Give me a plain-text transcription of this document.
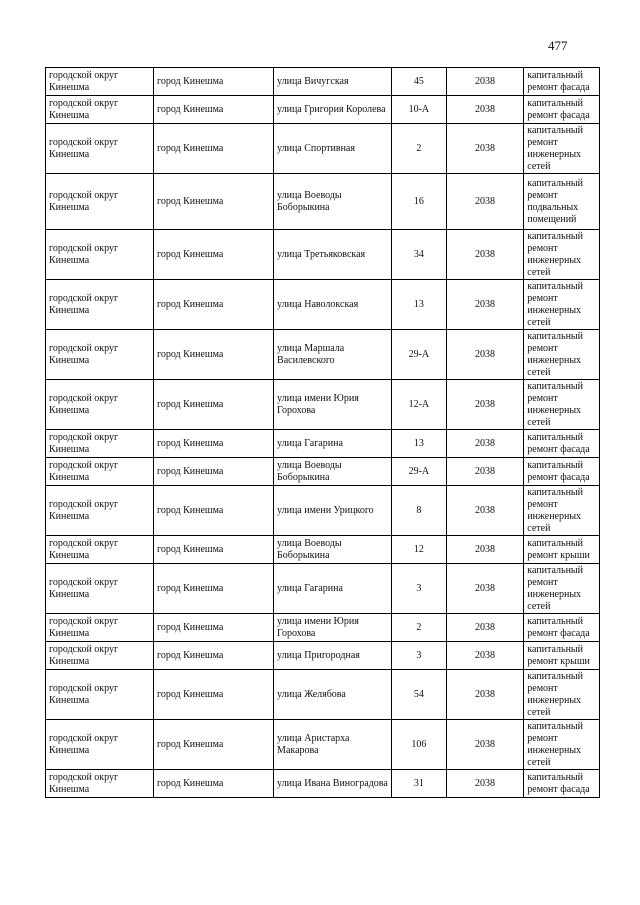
477
городской округ Кинешма	город Кинешма	улица Вичугская	45	2038	капитальный ремонт фасада
городской округ Кинешма	город Кинешма	улица Григория Королева	10-А	2038	капитальный ремонт фасада
городской округ Кинешма	город Кинешма	улица Спортивная	2	2038	капитальный ремонт инженерных сетей
городской округ Кинешма	город Кинешма	улица Воеводы Боборыкина	16	2038	капитальный ремонт подвальных помещений
городской округ Кинешма	город Кинешма	улица Третьяковская	34	2038	капитальный ремонт инженерных сетей
городской округ Кинешма	город Кинешма	улица Наволокская	13	2038	капитальный ремонт инженерных сетей
городской округ Кинешма	город Кинешма	улица Маршала Василевского	29-А	2038	капитальный ремонт инженерных сетей
городской округ Кинешма	город Кинешма	улица имени Юрия Горохова	12-А	2038	капитальный ремонт инженерных сетей
городской округ Кинешма	город Кинешма	улица Гагарина	13	2038	капитальный ремонт фасада
городской округ Кинешма	город Кинешма	улица Воеводы Боборыкина	29-А	2038	капитальный ремонт фасада
городской округ Кинешма	город Кинешма	улица имени Урицкого	8	2038	капитальный ремонт инженерных сетей
городской округ Кинешма	город Кинешма	улица Воеводы Боборыкина	12	2038	капитальный ремонт крыши
городской округ Кинешма	город Кинешма	улица Гагарина	3	2038	капитальный ремонт инженерных сетей
городской округ Кинешма	город Кинешма	улица имени Юрия Горохова	2	2038	капитальный ремонт фасада
городской округ Кинешма	город Кинешма	улица Пригородная	3	2038	капитальный ремонт крыши
городской округ Кинешма	город Кинешма	улица Желябова	54	2038	капитальный ремонт инженерных сетей
городской округ Кинешма	город Кинешма	улица Аристарха Макарова	106	2038	капитальный ремонт инженерных сетей
городской округ Кинешма	город Кинешма	улица Ивана Виноградова	31	2038	капитальный ремонт фасада
